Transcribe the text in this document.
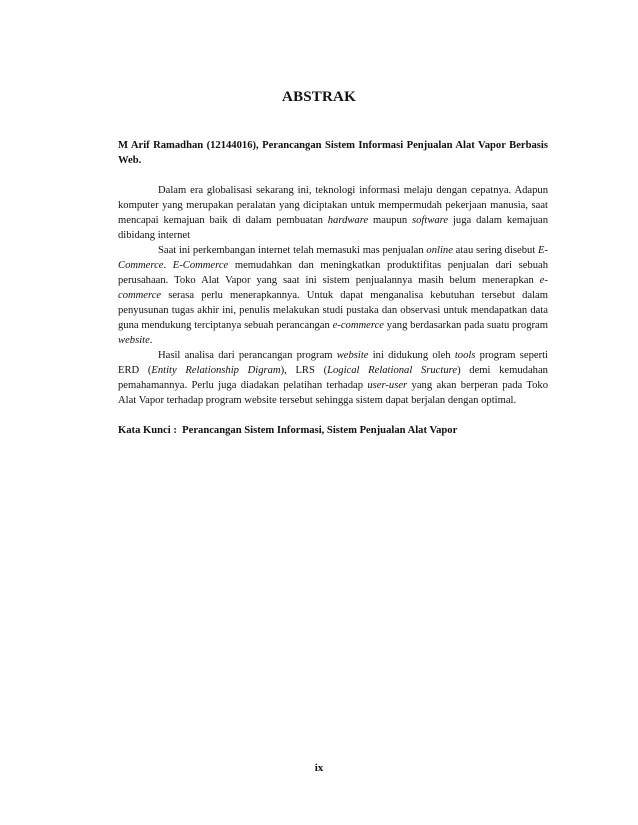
ABSTRAK

M Arif Ramadhan (12144016), Perancangan Sistem Informasi Penjualan Alat Vapor Berbasis Web.

Dalam era globalisasi sekarang ini, teknologi informasi melaju dengan cepatnya. Adapun komputer yang merupakan peralatan yang diciptakan untuk mempermudah pekerjaan manusia, saat mencapai kemajuan baik di dalam pembuatan hardware maupun software juga dalam kemajuan dibidang internet

Saat ini perkembangan internet telah memasuki mas penjualan online atau sering disebut E-Commerce. E-Commerce memudahkan dan meningkatkan produktifitas penjualan dari sebuah perusahaan. Toko Alat Vapor yang saat ini sistem penjualannya masih belum menerapkan e-commerce serasa perlu menerapkannya. Untuk dapat menganalisa kebutuhan tersebut dalam penyusunan tugas akhir ini, penulis melakukan studi pustaka dan observasi untuk mendapatkan data guna mendukung terciptanya sebuah perancangan e-commerce yang berdasarkan pada suatu program website.

Hasil analisa dari perancangan program website ini didukung oleh tools program seperti ERD (Entity Relationship Digram), LRS (Logical Relational Sructure) demi kemudahan pemahamannya. Perlu juga diadakan pelatihan terhadap user-user yang akan berperan pada Toko Alat Vapor terhadap program website tersebut sehingga sistem dapat berjalan dengan optimal.

Kata Kunci : Perancangan Sistem Informasi, Sistem Penjualan Alat Vapor

ix
